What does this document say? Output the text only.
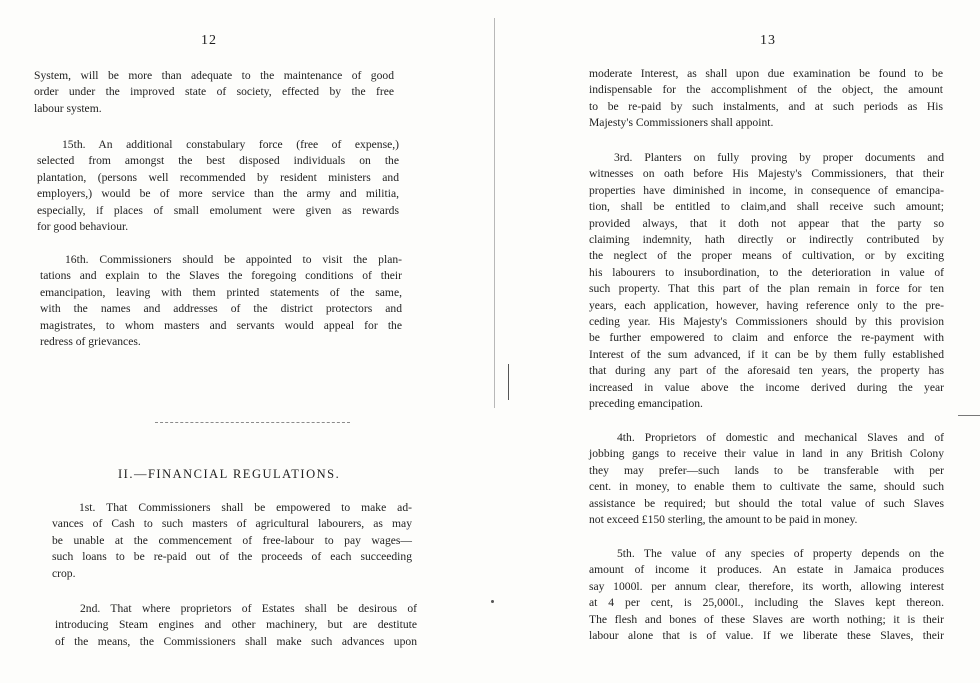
12

System, will be more than adequate to the maintenance of good
order under the improved state of society, effected by the free
labour system.
15th. An additional constabulary force (free of expense,)
selected from amongst the best disposed individuals on the
plantation, (persons well recommended by resident ministers and
employers,) would be of more service than the army and militia,
especially, if places of small emolument were given as rewards
for good behaviour.
16th. Commissioners should be appointed to visit the plan-
tations and explain to the Slaves the foregoing conditions of their
emancipation, leaving with them printed statements of the same,
with the names and addresses of the district protectors and
magistrates, to whom masters and servants would appeal for the
redress of grievances.

II.—FINANCIAL REGULATIONS.

1st. That Commissioners shall be empowered to make ad-
vances of Cash to such masters of agricultural labourers, as may
be unable at the commencement of free-labour to pay wages—
such loans to be re-paid out of the proceeds of each succeeding
crop.
2nd. That where proprietors of Estates shall be desirous of
introducing Steam engines and other machinery, but are destitute
of the means, the Commissioners shall make such advances upon

13

moderate Interest, as shall upon due examination be found to be
indispensable for the accomplishment of the object, the amount
to be re-paid by such instalments, and at such periods as His
Majesty's Commissioners shall appoint.
3rd. Planters on fully proving by proper documents and
witnesses on oath before His Majesty's Commissioners, that their
properties have diminished in income, in consequence of emancipa-
tion, shall be entitled to claim,and shall receive such amount;
provided always, that it doth not appear that the party so
claiming indemnity, hath directly or indirectly contributed by
the neglect of the proper means of cultivation, or by exciting
his labourers to insubordination, to the deterioration in value of
such property. That this part of the plan remain in force for ten
years, each application, however, having reference only to the pre-
ceding year. His Majesty's Commissioners should by this provision
be further empowered to claim and enforce the re-payment with
Interest of the sum advanced, if it can be by them fully established
that during any part of the aforesaid ten years, the property has
increased in value above the income derived during the year
preceding emancipation.
4th. Proprietors of domestic and mechanical Slaves and of
jobbing gangs to receive their value in land in any British Colony
they may prefer—such lands to be transferable with per
cent. in money, to enable them to cultivate the same, should such
assistance be required; but should the total value of such Slaves
not exceed £150 sterling, the amount to be paid in money.
5th. The value of any species of property depends on the
amount of income it produces. An estate in Jamaica produces
say 1000l. per annum clear, therefore, its worth, allowing interest
at 4 per cent, is 25,000l., including the Slaves kept thereon.
The flesh and bones of these Slaves are worth nothing; it is their
labour alone that is of value. If we liberate these Slaves, their
